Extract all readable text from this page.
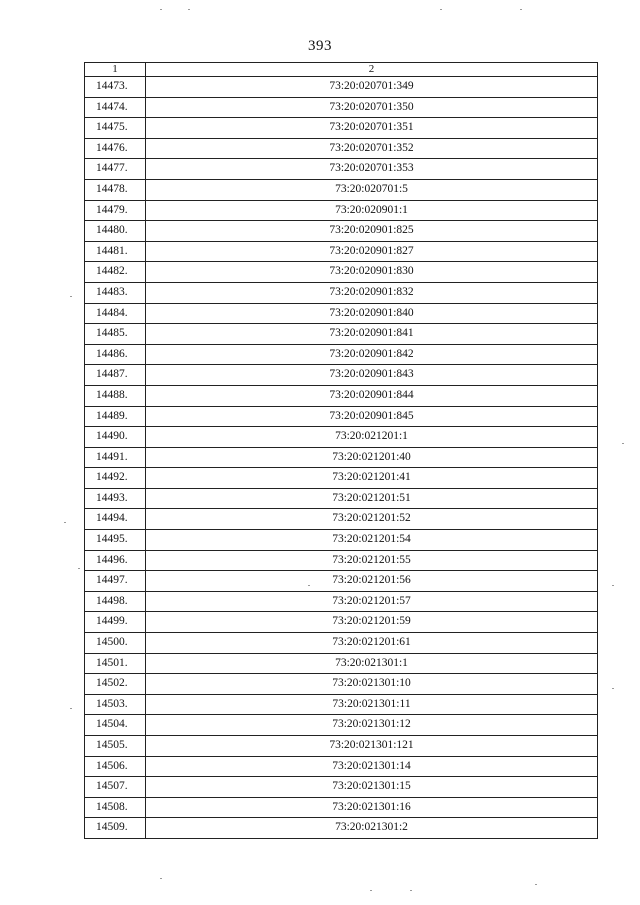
393
1	2
14473.	73:20:020701:349
14474.	73:20:020701:350
14475.	73:20:020701:351
14476.	73:20:020701:352
14477.	73:20:020701:353
14478.	73:20:020701:5
14479.	73:20:020901:1
14480.	73:20:020901:825
14481.	73:20:020901:827
14482.	73:20:020901:830
14483.	73:20:020901:832
14484.	73:20:020901:840
14485.	73:20:020901:841
14486.	73:20:020901:842
14487.	73:20:020901:843
14488.	73:20:020901:844
14489.	73:20:020901:845
14490.	73:20:021201:1
14491.	73:20:021201:40
14492.	73:20:021201:41
14493.	73:20:021201:51
14494.	73:20:021201:52
14495.	73:20:021201:54
14496.	73:20:021201:55
14497.	73:20:021201:56
14498.	73:20:021201:57
14499.	73:20:021201:59
14500.	73:20:021201:61
14501.	73:20:021301:1
14502.	73:20:021301:10
14503.	73:20:021301:11
14504.	73:20:021301:12
14505.	73:20:021301:121
14506.	73:20:021301:14
14507.	73:20:021301:15
14508.	73:20:021301:16
14509.	73:20:021301:2
